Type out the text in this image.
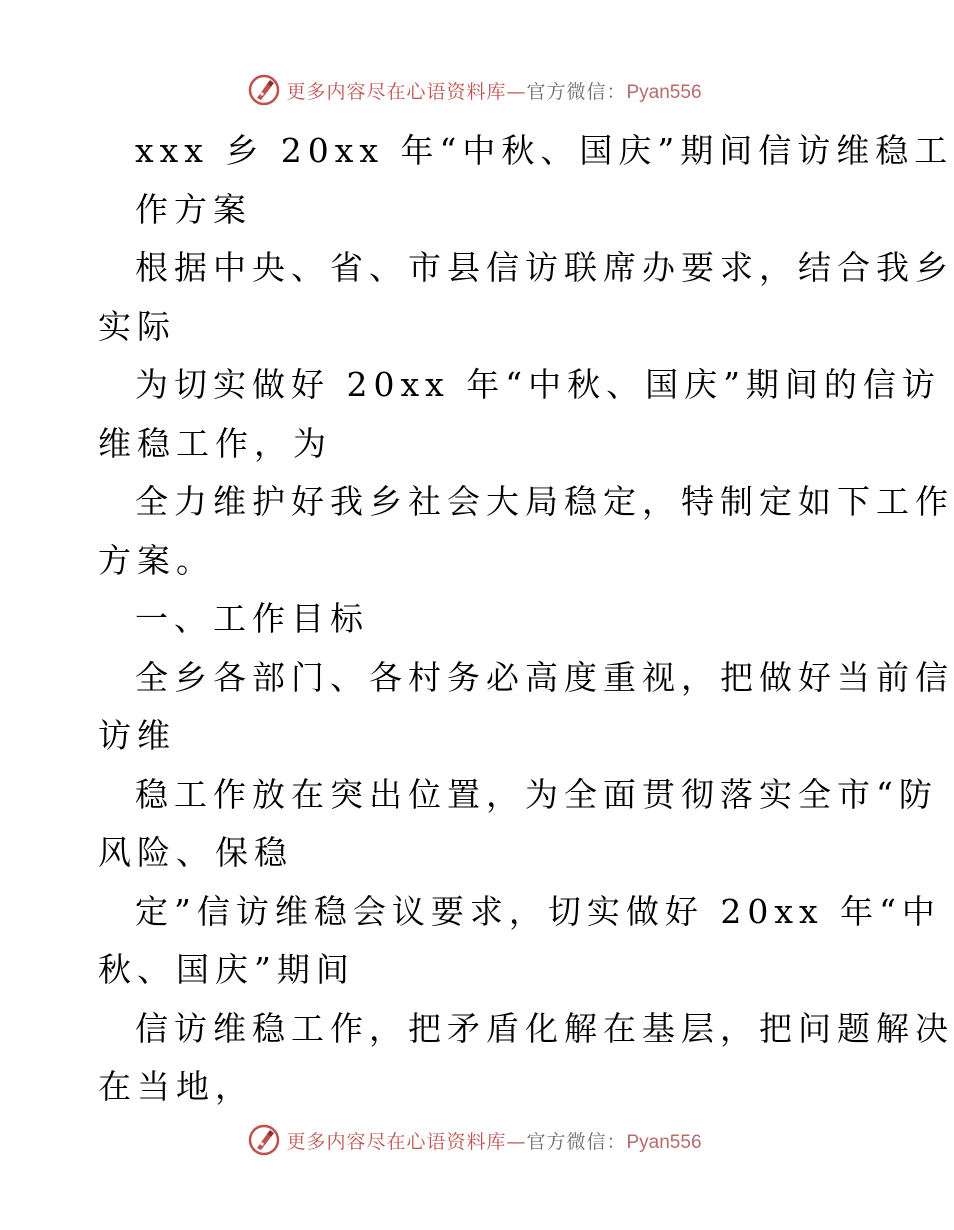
更多内容尽在心语资料库—官方微信：Pyan556
xxx 乡 20xx 年“中秋、国庆”期间信访维稳工
作方案
根据中央、省、市县信访联席办要求，结合我乡
实际
为切实做好 20xx 年“中秋、国庆”期间的信访
维稳工作，为
全力维护好我乡社会大局稳定，特制定如下工作
方案。
一、工作目标
全乡各部门、各村务必高度重视，把做好当前信
访维
稳工作放在突出位置，为全面贯彻落实全市“防
风险、保稳
定”信访维稳会议要求，切实做好 20xx 年“中
秋、国庆”期间
信访维稳工作，把矛盾化解在基层，把问题解决
在当地，
更多内容尽在心语资料库—官方微信：Pyan556
